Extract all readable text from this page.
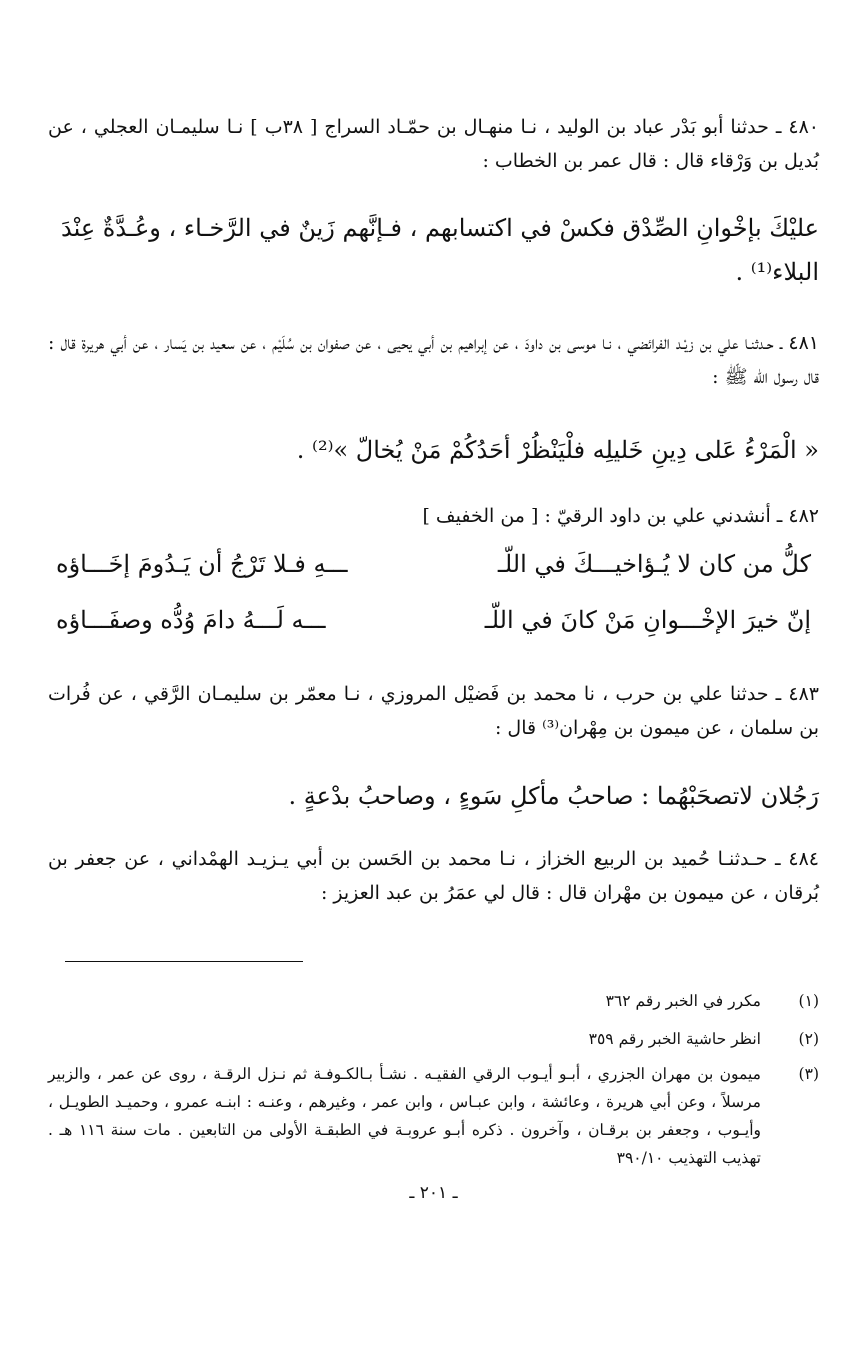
٤٨٠ ـ حدثنا أبو بَدْر عباد بن الوليد ، نـا منهـال بن حمّـاد السراج [ ٣٨ب ] نـا سليمـان العجلي ، عن بُديل بن وَرْقاء قال : قال عمر بن الخطاب :

عليْكَ بإخْوانِ الصِّدْق فكسْ في اكتسابهم ، فـإنَّهم زَينٌ في الرَّخـاء ، وعُـدَّةٌ عِنْدَ البلاء⁽¹⁾ .

٤٨١ ـ حـدثنـا علي بن زيْـد الفرائضي ، نـا موسى بن داودَ ، عن إبراهيم بن أبي يحيى ، عن صفوان بن سُلَيْم ، عن سعيد بن يَسار ، عن أبي هريرة قال : قال رسول الله ﷺ :

« الْمَرْءُ عَلى دِينِ خَليلِه فلْيَنْظُرْ أحَدُكُمْ مَنْ يُخالّ »⁽²⁾ .

٤٨٢ ـ أنشدني علي بن داود الرقيّ : [ من الخفيف ]

كلُّ من كان لا يُـؤاخيـــكَ في اللّـ
ـــهِ فـلا تَرْجُ أن يَـدُومَ إخَـــاؤه
إنّ خيرَ الإخْـــوانِ مَنْ كانَ في اللّـ
ـــه لَـــهُ دامَ وُدُّه وصفَـــاؤه

٤٨٣ ـ حدثنا علي بن حرب ، نا محمد بن فَضيْل المروزي ، نـا معمّر بن سليمـان الرَّقي ، عن فُرات بن سلمان ، عن ميمون بن مِهْران⁽³⁾ قال :

رَجُلان لاتصحَبْهُما : صاحبُ مأكلِ سَوءٍ ، وصاحبُ بدْعةٍ .

٤٨٤ ـ حـدثنـا حُميد بن الربيع الخزاز ، نـا محمد بن الحَسن بن أبي يـزيـد الهمْداني ، عن جعفر بن بُرقان ، عن ميمون بن مهْران قال : قال لي عمَرُ بن عبد العزيز :

(١)
مكرر في الخبر رقم ٣٦٢
(٢)
انظر حاشية الخبر رقم ٣٥٩
(٣)
ميمون بن مهران الجزري ، أبـو أيـوب الرقي الفقيـه . نشـأ بـالكـوفـة ثم نـزل الرقـة ، روى عن عمر ، والزبير مرسلاً ، وعن أبي هريرة ، وعائشة ، وابن عبـاس ، وابن عمر ، وغيرهم ، وعنـه : ابنـه عمرو ، وحميـد الطويـل ، وأيـوب ، وجعفر بن برقـان ، وآخرون . ذكره أبـو عروبـة في الطبقـة الأولى من التابعين . مات سنة ١١٦ هـ . تهذيب التهذيب ٣٩٠/١٠
ـ ٢٠١ ـ
